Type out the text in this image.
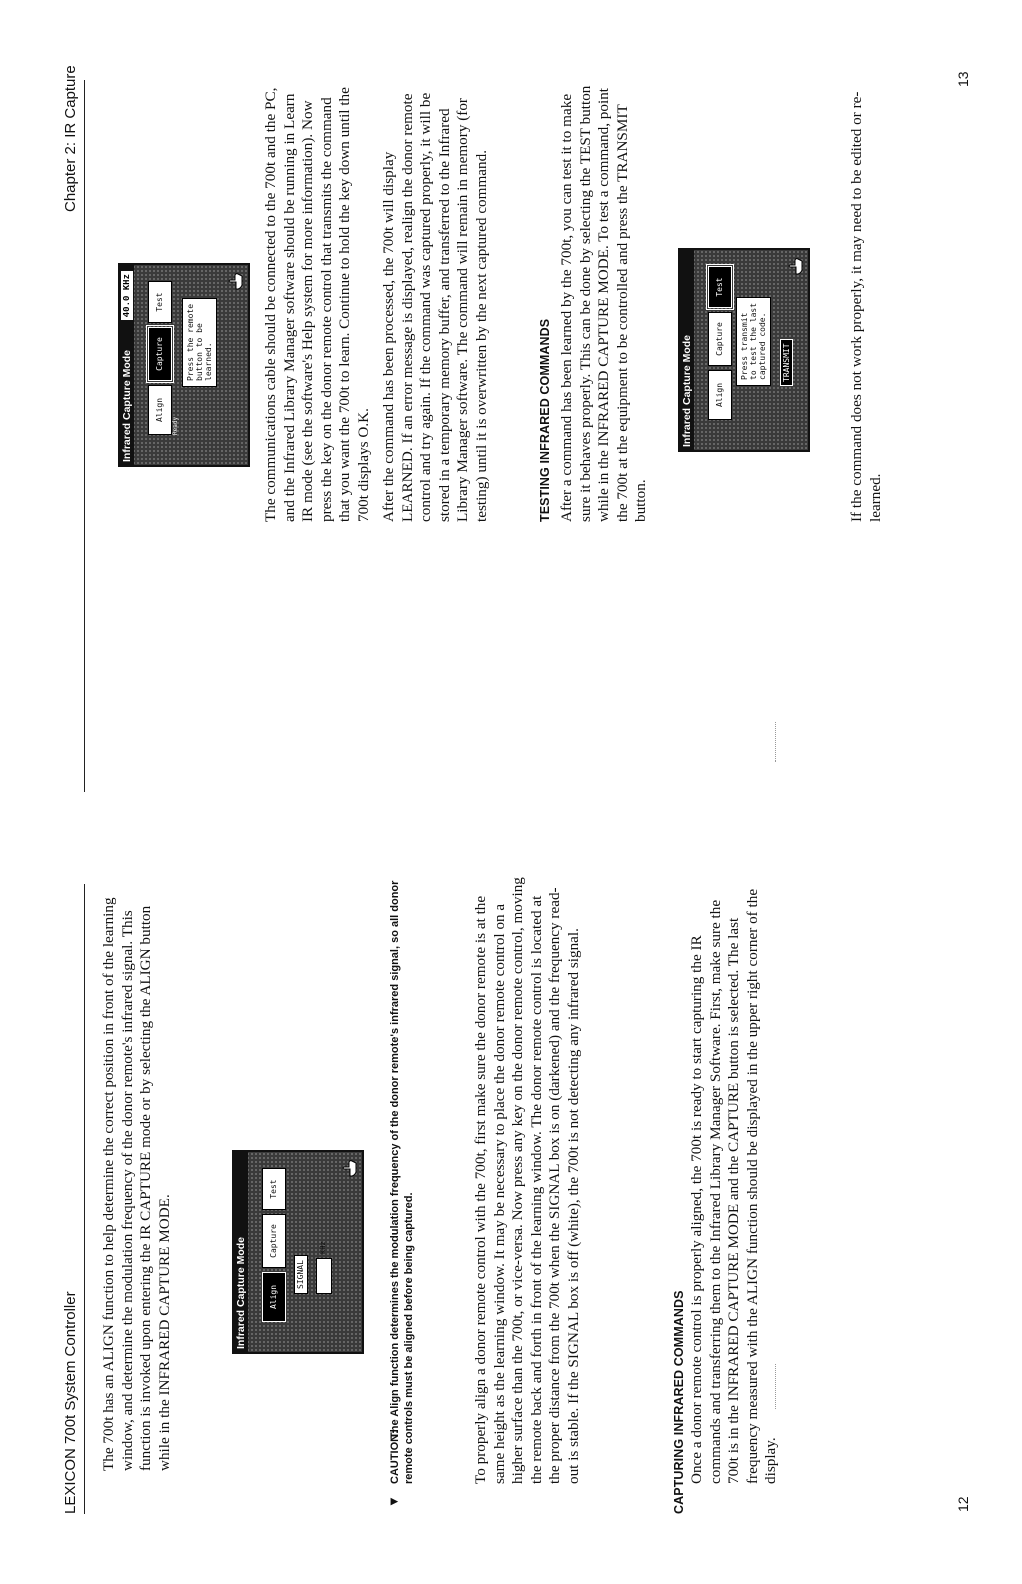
LEXICON 700t System Controller The 700t has an ALIGN function to help determine the correct position in front of the learning window, and determine the modulation frequency of the donor remote's infrared signal. This function is invoked upon entering the IR CAPTURE mode or by selecting the ALIGN button while in the INFRARED CAPTURE MODE.	Infrared Capture Mode	Align
Capture
Test
SIGNAL
KHz
▼
CAUTION: The Align function determines the modulation frequency of the donor remote's infrared signal, so all donor remote controls must be aligned before being captured.	To properly align a donor remote control with the 700t, first make sure the donor remote is at the same height as the learning window. It may be necessary to place the donor remote control on a higher surface than the 700t, or vice-versa. Now press any key on the donor remote control, moving the remote back and forth in front of the learning window. The donor remote control is located at the proper distance from the 700t when the SIGNAL box is on (darkened) and the frequency read-out is stable. If the SIGNAL box is off (white), the 700t is not detecting any infrared signal.	CAPTURING INFRARED COMMANDS Once a donor remote control is properly aligned, the 700t is ready to start capturing the IR commands and transferring them to the Infrared Library Manager Software. First, make sure the 700t is in the INFRARED CAPTURE MODE and the CAPTURE button is selected. The last frequency measured with the ALIGN function should be displayed in the upper right corner of the display.

12
Chapter 2: IR Capture
Infrared Capture Mode
40.0 KHz
Align
Capture
Test
Ready
Press the remote button to be learned.	The communications cable should be connected to the 700t and the PC, and the Infrared Library Manager software should be running in Learn IR mode (see the software's Help system for more information). Now press the key on the donor remote control that transmits the command that you want the 700t to learn. Continue to hold the key down until the 700t displays O.K. After the command has been processed, the 700t will display LEARNED. If an error message is displayed, realign the donor remote control and try again. If the command was captured properly, it will be stored in a temporary memory buffer, and transferred to the Infrared Library Manager software. The command will remain in memory (for testing) until it is overwritten by the next captured command.	TESTING INFRARED COMMANDS After a command has been learned by the 700t, you can test it to make sure it behaves properly. This can be done by selecting the TEST button while in the INFRARED CAPTURE MODE. To test a command, point the 700t at the equipment to be controlled and press the TRANSMIT button.

Infrared Capture Mode	Align
Capture
Test
Press transmit to test the last captured code. TRANSMIT	If the command does not work properly, it may need to be edited or re-learned.

13
